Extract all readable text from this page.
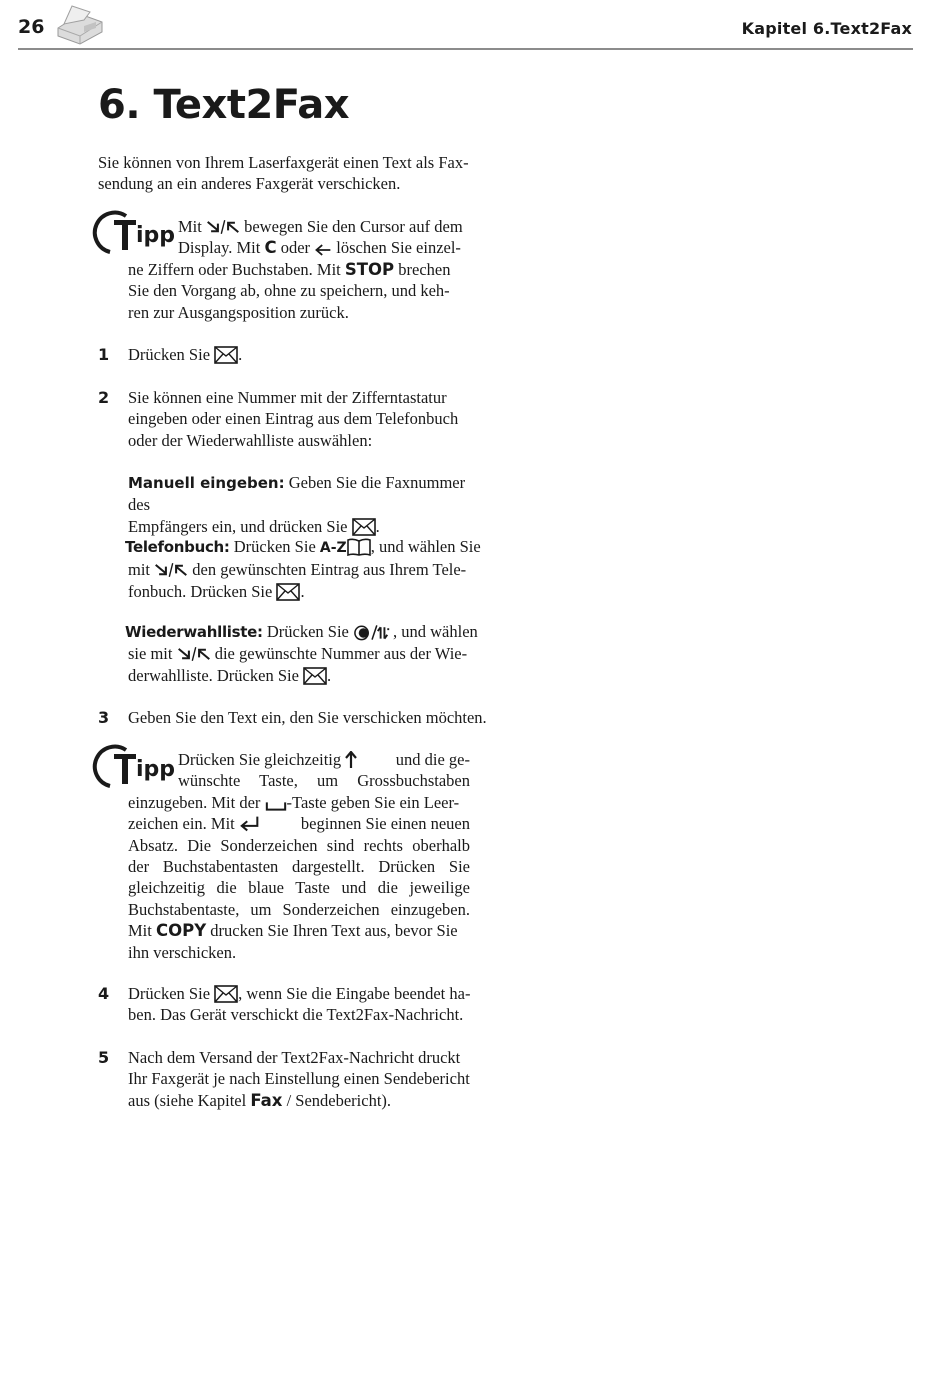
26	Kapitel 6.Text2Fax
6. Text2Fax
Sie können von Ihrem Laserfaxgerät einen Text als Fax-
sendung an ein anderes Faxgerät verschicken.
ipp Mit	bewegen Sie den Cursor auf dem
Display. Mit C oder löschen Sie einzel-
ne Ziffern oder Buchstaben. Mit STOP brechen
Sie den Vorgang ab, ohne zu speichern, und keh-
ren zur Ausgangsposition zurück.
1 Drücken Sie .
2 Sie können eine Nummer mit der Zifferntastatur
eingeben oder einen Eintrag aus dem Telefonbuch
oder der Wiederwahlliste auswählen:
Manuell eingeben: Geben Sie die Faxnummer des
Empfängers ein, und drücken Sie .
Telefonbuch: Drücken Sie A-Z , und wählen Sie
mit	den gewünschten Eintrag aus Ihrem Tele-
fonbuch. Drücken Sie .
Wiederwahlliste: Drücken Sie	, und wählen
sie mit	die gewünschte Nummer aus der Wie-
derwahlliste. Drücken Sie .
3 Geben Sie den Text ein, den Sie verschicken möchten.
ipp Drücken Sie gleichzeitig	und die ge-
wünschte Taste, um Grossbuchstaben
einzugeben. Mit der -Taste geben Sie ein Leer-
zeichen ein. Mit	beginnen Sie einen neuen
Absatz. Die Sonderzeichen sind rechts oberhalb
der Buchstabentasten dargestellt. Drücken Sie
gleichzeitig die blaue Taste und die jeweilige
Buchstabentaste, um Sonderzeichen einzugeben.
Mit COPY drucken Sie Ihren Text aus, bevor Sie
ihn verschicken.
4 Drücken Sie , wenn Sie die Eingabe beendet ha-
ben. Das Gerät verschickt die Text2Fax-Nachricht.
5 Nach dem Versand der Text2Fax-Nachricht druckt
Ihr Faxgerät je nach Einstellung einen Sendebericht
aus (siehe Kapitel Fax / Sendebericht).
